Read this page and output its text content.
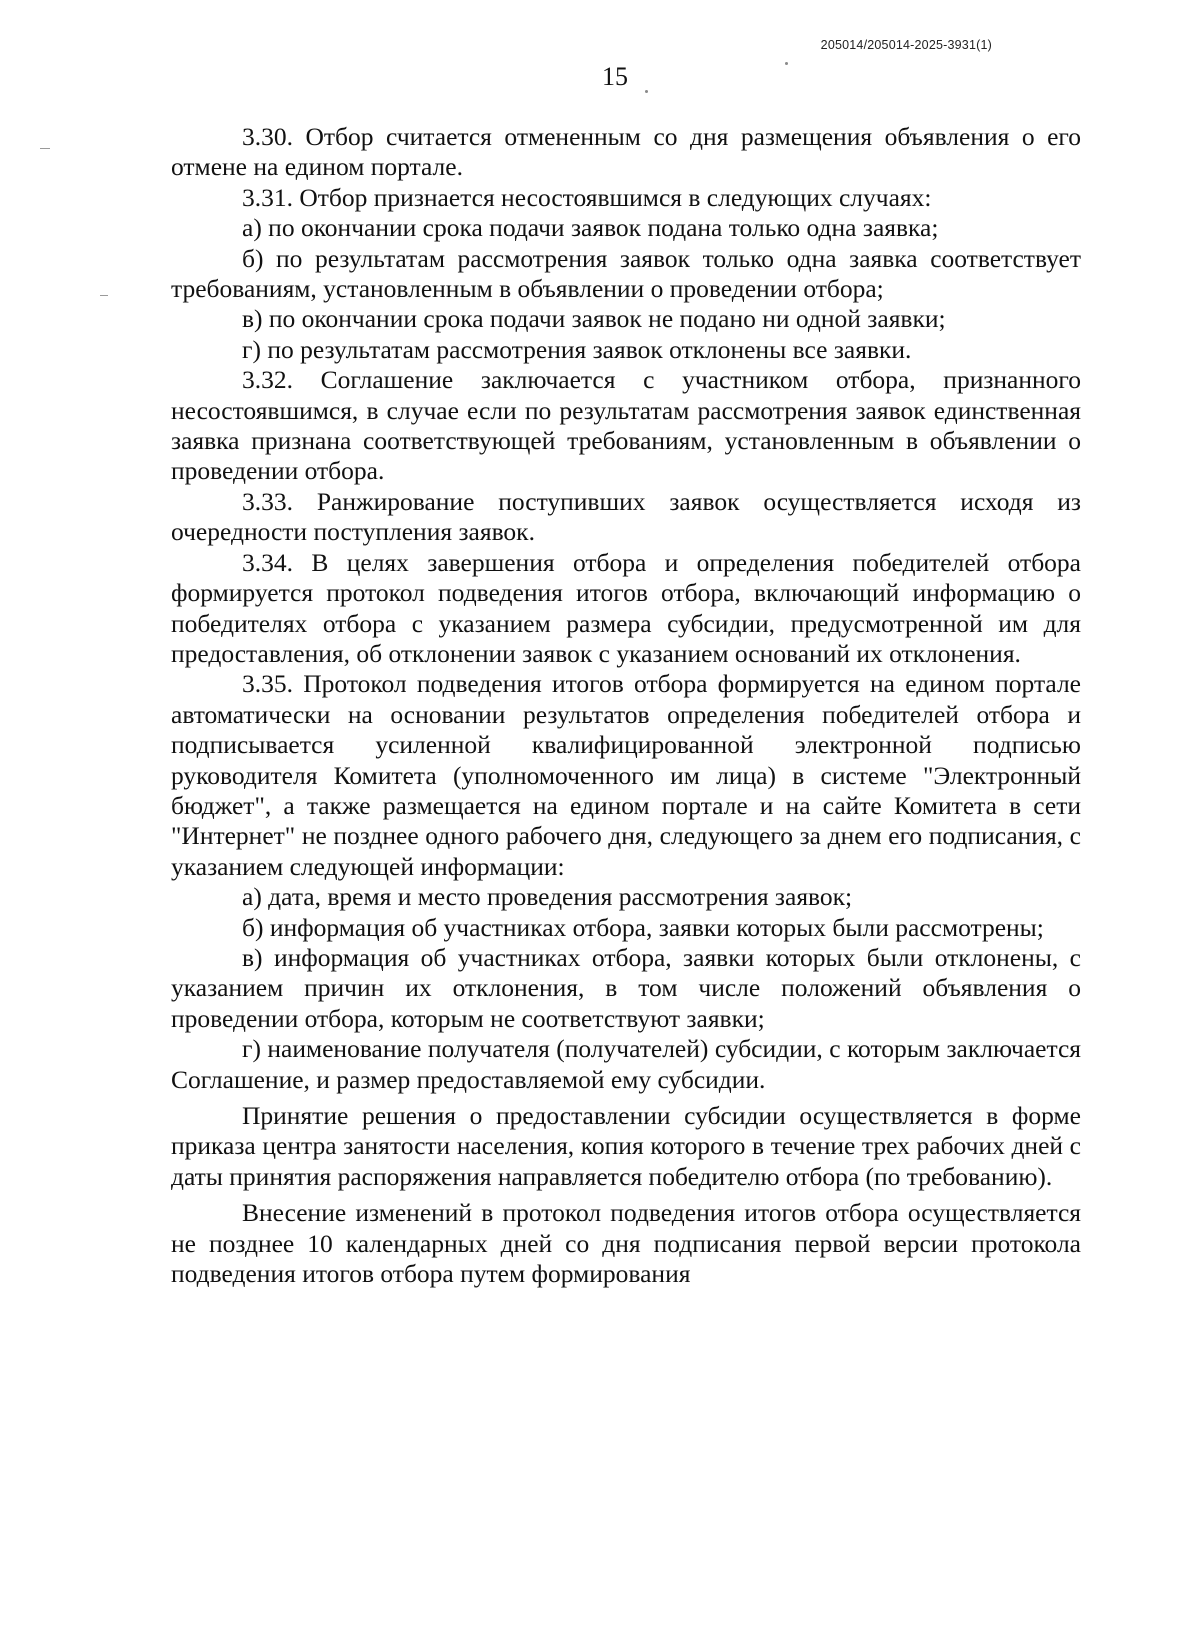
205014/205014-2025-3931(1)
15

3.30. Отбор считается отмененным со дня размещения объявления о его отмене на едином портале.

3.31. Отбор признается несостоявшимся в следующих случаях:

а) по окончании срока подачи заявок подана только одна заявка;

б) по результатам рассмотрения заявок только одна заявка соответствует требованиям, установленным в объявлении о проведении отбора;

в) по окончании срока подачи заявок не подано ни одной заявки;

г) по результатам рассмотрения заявок отклонены все заявки.

3.32. Соглашение заключается с участником отбора, признанного несостоявшимся, в случае если по результатам рассмотрения заявок единственная заявка признана соответствующей требованиям, установленным в объявлении о проведении отбора.

3.33. Ранжирование поступивших заявок осуществляется исходя из очередности поступления заявок.

3.34. В целях завершения отбора и определения победителей отбора формируется протокол подведения итогов отбора, включающий информацию о победителях отбора с указанием размера субсидии, предусмотренной им для предоставления, об отклонении заявок с указанием оснований их отклонения.

3.35. Протокол подведения итогов отбора формируется на едином портале автоматически на основании результатов определения победителей отбора и подписывается усиленной квалифицированной электронной подписью руководителя Комитета (уполномоченного им лица) в системе "Электронный бюджет", а также размещается на едином портале и на сайте Комитета в сети "Интернет" не позднее одного рабочего дня, следующего за днем его подписания, с указанием следующей информации:

а) дата, время и место проведения рассмотрения заявок;

б) информация об участниках отбора, заявки которых были рассмотрены;

в) информация об участниках отбора, заявки которых были отклонены, с указанием причин их отклонения, в том числе положений объявления о проведении отбора, которым не соответствуют заявки;

г) наименование получателя (получателей) субсидии, с которым заключается Соглашение, и размер предоставляемой ему субсидии.

Принятие решения о предоставлении субсидии осуществляется в форме приказа центра занятости населения, копия которого в течение трех рабочих дней с даты принятия распоряжения направляется победителю отбора (по требованию).

Внесение изменений в протокол подведения итогов отбора осуществляется не позднее 10 календарных дней со дня подписания первой версии протокола подведения итогов отбора путем формирования
